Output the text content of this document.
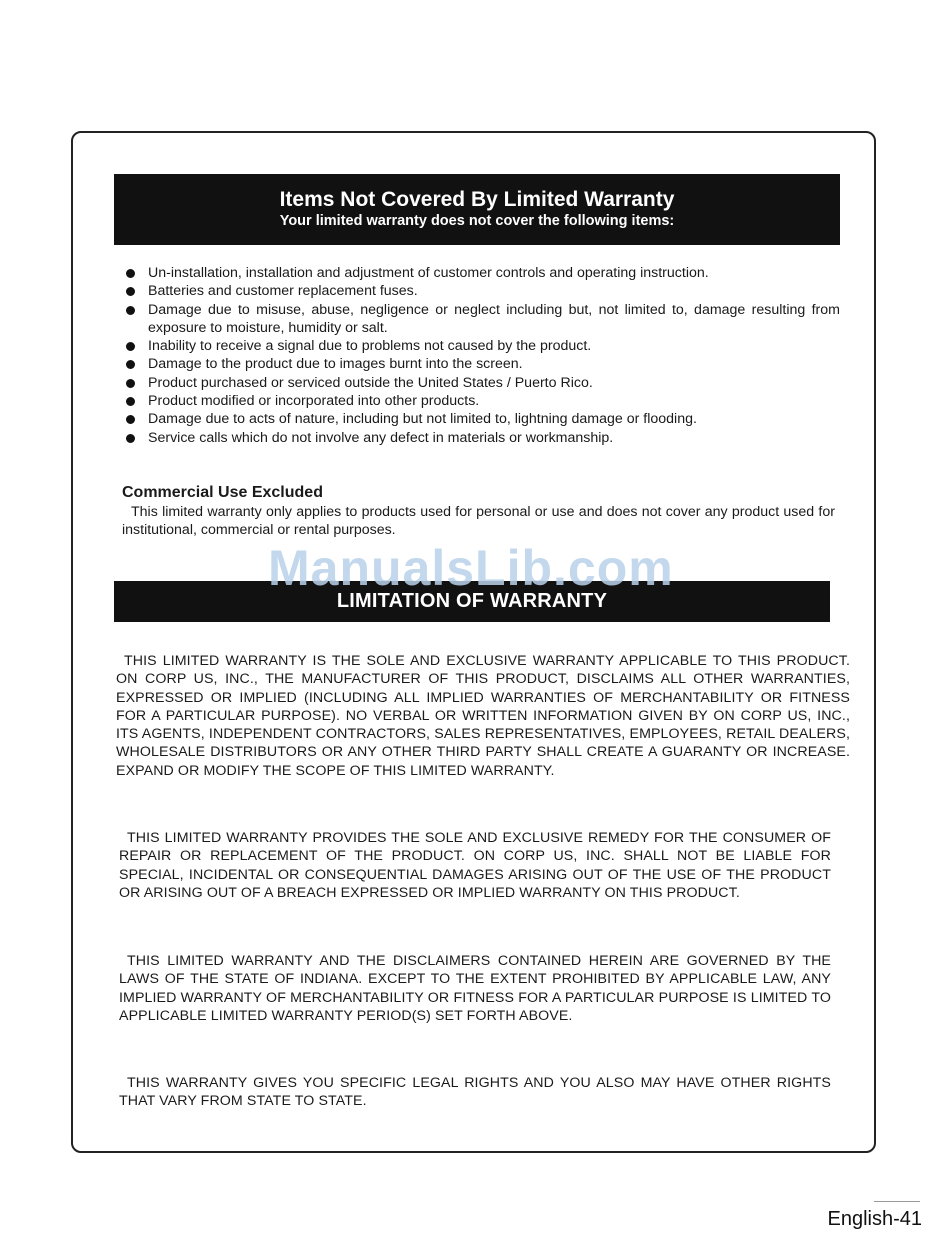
Items Not Covered By Limited Warranty
Your limited warranty does not cover the following items:
Un-installation, installation and adjustment of customer controls and operating instruction.
Batteries and customer replacement fuses.
Damage due to misuse, abuse, negligence or neglect including but, not limited to, damage resulting from exposure to moisture, humidity or salt.
Inability to receive a signal due to problems not caused by the product.
Damage to the product due to images burnt into the screen.
Product purchased or serviced outside the United States / Puerto Rico.
Product modified or incorporated into other products.
Damage due to acts of nature, including but not limited to, lightning damage or flooding.
Service calls which do not involve any defect in materials or workmanship.
Commercial Use Excluded
This limited warranty only applies to products used for personal or use and does not cover any product used for institutional, commercial or rental purposes.
LIMITATION OF WARRANTY
ManualsLib.com
THIS LIMITED WARRANTY IS THE SOLE AND EXCLUSIVE WARRANTY APPLICABLE TO THIS PRODUCT. ON CORP US, INC., THE MANUFACTURER OF THIS PRODUCT, DISCLAIMS ALL OTHER WARRANTIES, EXPRESSED OR IMPLIED (INCLUDING ALL IMPLIED WARRANTIES OF MERCHANTABILITY OR FITNESS FOR A PARTICULAR PURPOSE). NO VERBAL OR WRITTEN INFORMATION GIVEN BY ON CORP US, INC., ITS AGENTS, INDEPENDENT CONTRACTORS, SALES REPRESENTATIVES, EMPLOYEES, RETAIL DEALERS, WHOLESALE DISTRIBUTORS OR ANY OTHER THIRD PARTY SHALL CREATE A GUARANTY OR INCREASE. EXPAND OR MODIFY THE SCOPE OF THIS LIMITED WARRANTY.
THIS LIMITED WARRANTY PROVIDES THE SOLE AND EXCLUSIVE REMEDY FOR THE CONSUMER OF REPAIR OR REPLACEMENT OF THE PRODUCT. ON CORP US, INC. SHALL NOT BE LIABLE FOR SPECIAL, INCIDENTAL OR CONSEQUENTIAL DAMAGES ARISING OUT OF THE USE OF THE PRODUCT OR ARISING OUT OF A BREACH EXPRESSED OR IMPLIED WARRANTY ON THIS PRODUCT.
THIS LIMITED WARRANTY AND THE DISCLAIMERS CONTAINED HEREIN ARE GOVERNED BY THE LAWS OF THE STATE OF INDIANA. EXCEPT TO THE EXTENT PROHIBITED BY APPLICABLE LAW, ANY IMPLIED WARRANTY OF MERCHANTABILITY OR FITNESS FOR A PARTICULAR PURPOSE IS LIMITED TO APPLICABLE LIMITED WARRANTY PERIOD(S) SET FORTH ABOVE.
THIS WARRANTY GIVES YOU SPECIFIC LEGAL RIGHTS AND YOU ALSO MAY HAVE OTHER RIGHTS THAT VARY FROM STATE TO STATE.
English-41
